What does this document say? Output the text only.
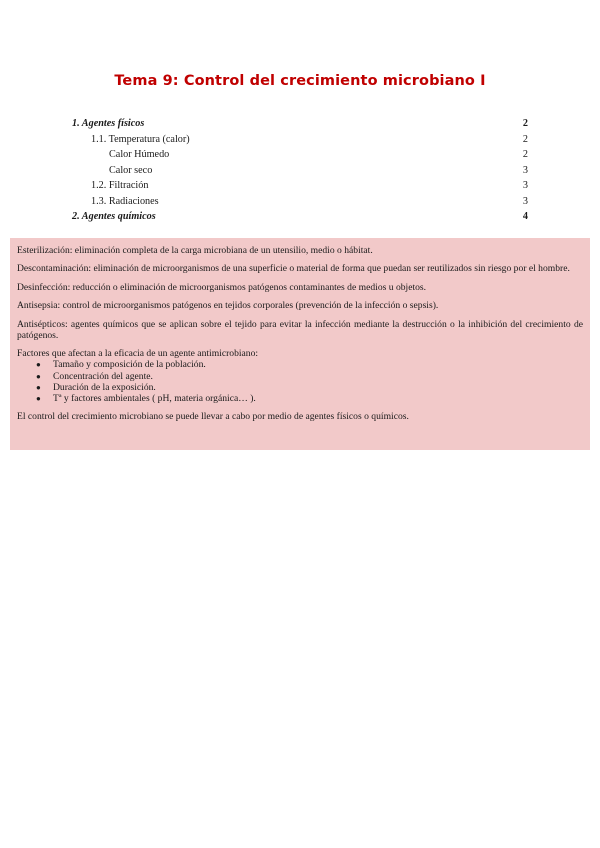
Tema 9: Control del crecimiento microbiano I
1. Agentes físicos	2
1.1. Temperatura (calor)	2
Calor Húmedo	2
Calor seco	3
1.2. Filtración	3
1.3. Radiaciones	3
2. Agentes químicos	4

Esterilización: eliminación completa de la carga microbiana de un utensilio, medio o hábitat.

Descontaminación: eliminación de microorganismos de una superficie o material de forma que puedan ser reutilizados sin riesgo por el hombre.

Desinfección: reducción o eliminación de microorganismos patógenos contaminantes de medios u objetos.

Antisepsia: control de microorganismos patógenos en tejidos corporales (prevención de la infección o sepsis).

Antisépticos: agentes químicos que se aplican sobre el tejido para evitar la infección mediante la destrucción o la inhibición del crecimiento de patógenos.

Factores que afectan a la eficacia de un agente antimicrobiano:

● Tamaño y composición de la población.
● Concentración del agente.
● Duración de la exposición.
● Tª y factores ambientales ( pH, materia orgánica… ).

El control del crecimiento microbiano se puede llevar a cabo por medio de agentes físicos o químicos.
